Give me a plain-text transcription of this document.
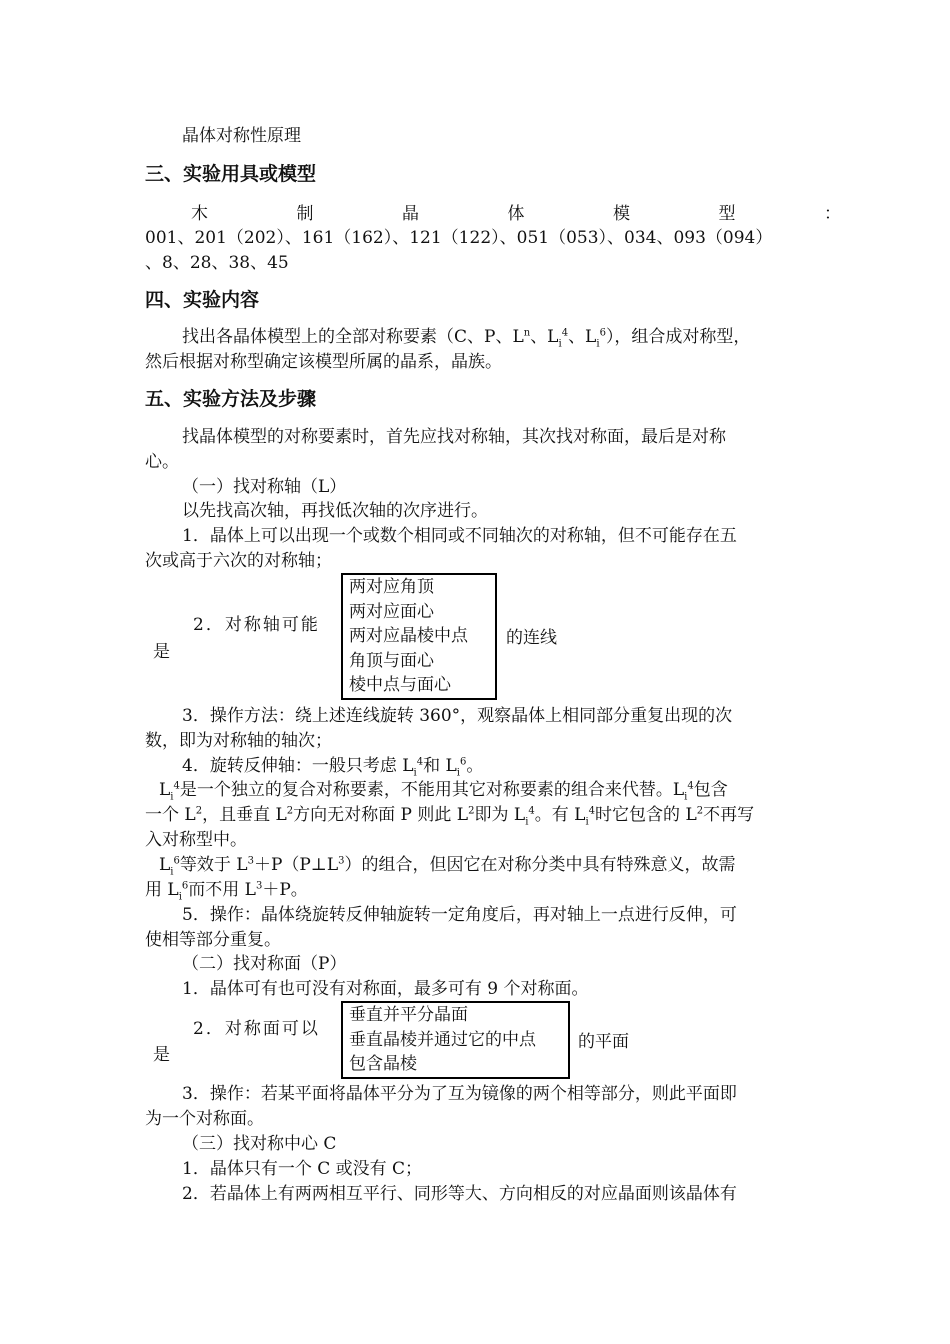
晶体对称性原理
三、实验用具或模型
木	制	晶	体	模	型	：
001、201（202）、161（162）、121（122）、051（053）、034、093（094）
、8、28、38、45
四、实验内容
找出各晶体模型上的全部对称要素（C、P、$L^n$、$L_i^4$、$L_i^6$），组合成对称型，
然后根据对称型确定该模型所属的晶系，晶族。
五、实验方法及步骤
找晶体模型的对称要素时，首先应找对称轴，其次找对称面，最后是对称
心。
（一）找对称轴（L）
以先找高次轴，再找低次轴的次序进行。
1．晶体上可以出现一个或数个相同或不同轴次的对称轴，但不可能存在五
次或高于六次的对称轴；
2．对称轴可能
是
两对应角顶
两对应面心
两对应晶棱中点
角顶与面心
棱中点与面心
的连线
3．操作方法：绕上述连线旋转 360°，观察晶体上相同部分重复出现的次
数，即为对称轴的轴次；
4．旋转反伸轴：一般只考虑 $L_i^4$和 $L_i^6$。
$L_i^4$是一个独立的复合对称要素，不能用其它对称要素的组合来代替。$L_i^4$包含
一个 $L^2$，且垂直 $L^2$方向无对称面 P 则此 $L^2$即为 $L_i^4$。有 $L_i^4$时它包含的 $L^2$不再写
入对称型中。
$L_i^6$等效于 $L^3+P(P\perp L^3)$的组合，但因它在对称分类中具有特殊意义，故需
用 $L_i^6$而不用 $L^3+P$。
5．操作：晶体绕旋转反伸轴旋转一定角度后，再对轴上一点进行反伸，可
使相等部分重复。
（二）找对称面（P）
1．晶体可有也可没有对称面，最多可有 9 个对称面。
2．对称面可以
是
垂直并平分晶面
垂直晶棱并通过它的中点
包含晶棱
的平面
3．操作：若某平面将晶体平分为了互为镜像的两个相等部分，则此平面即
为一个对称面。
（三）找对称中心 C
1．晶体只有一个 C 或没有 C；
2．若晶体上有两两相互平行、同形等大、方向相反的对应晶面则该晶体有
